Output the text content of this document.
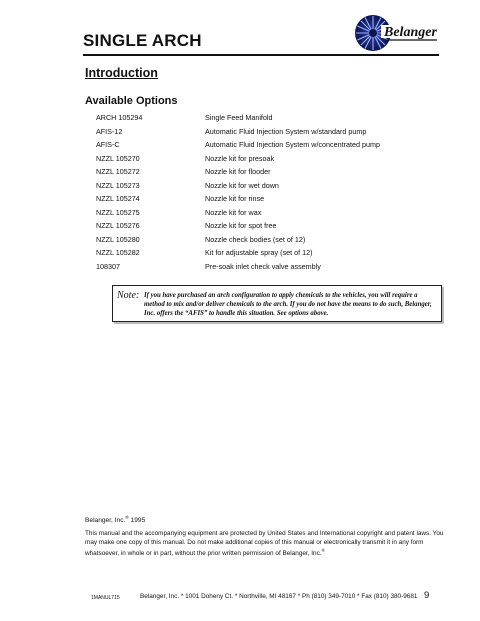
SINGLE ARCH	Belanger
Introduction
Available Options
ARCH 105294	Single Feed Manifold
AFIS-12	Automatic Fluid Injection System w/standard pump
AFIS-C	Automatic Fluid Injection System w/concentrated pump
NZZL 105270	Nozzle kit for presoak
NZZL 105272	Nozzle kit for flooder
NZZL 105273	Nozzle kit for wet down
NZZL 105274	Nozzle kit for rinse
NZZL 105275	Nozzle kit for wax
NZZL 105276	Nozzle kit for spot free
NZZL 105280	Nozzle check bodies (set of 12)
NZZL 105282	Kit for adjustable spray (set of 12)
108307	Pre-soak inlet check valve assembly
Note: If you have purchased an arch configuration to apply chemicals to the vehicles, you will require a method to mix and/or deliver chemicals to the arch. If you do not have the means to do such, Belanger, Inc. offers the “AFIS” to handle this situation. See options above.
Belanger, Inc.® 1995
This manual and the accompanying equipment are protected by United States and International copyright and patent laws. You may make one copy of this manual. Do not make additional copies of this manual or electronically transmit it in any form whatsoever, in whole or in part, without the prior written permission of Belanger, Inc.®
1MANUL715	Belanger, Inc. * 1001 Doheny Ct. * Northville, MI 48167 * Ph (810) 349-7010 * Fax (810) 380-9681 9
